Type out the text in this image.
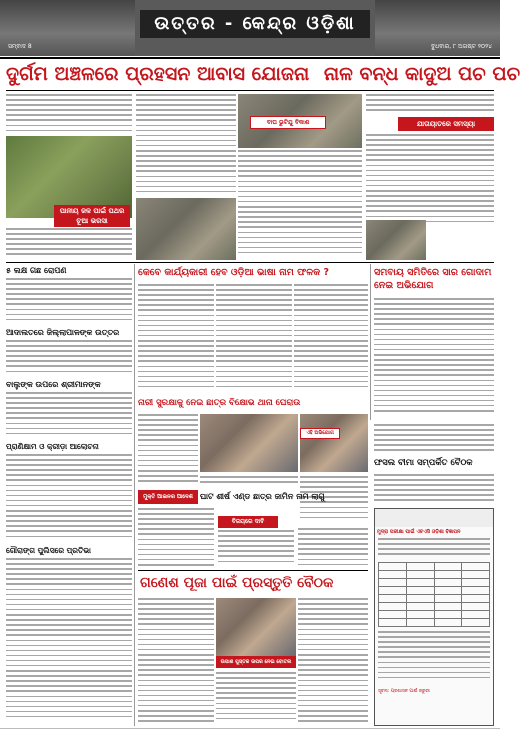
ଉତ୍ତର - କେନ୍ଦ୍ର ଓଡ଼ିଶା
ସମ୍ବାଦ 8	ବୁଧବାର, ୮ ଅଗଷ୍ଟ ୨୦୨୪
ଦୁର୍ଗମ ଅଞ୍ଚଳରେ ପ୍ରହସନ ଆବାସ ଯୋଜନା ନାଳ ବନ୍ଧ କାଦୁଅ ପଚ ପଚ
ପାନୀୟ ଜଳ ପାଇଁ ପଥର ଚୂଆ ଭରସା
ବାଘ ଭୁଟିଯୁ ବିକାଶ	ଯାତାୟାତରେ ସମସ୍ୟା
୫ ଲକ୍ଷ ଗଛ ରୋପଣ
ଆଦାଲତରେ ଜିଲ୍ଲାପାଳଙ୍କ ଉତ୍ତର
ବାଲୁଙ୍କ ଉପରେ ଶ୍ରୀମାନଙ୍କ
ପ୍ରାଣିକ୍ଷାମ ଓ କ୍ରୀଡ଼ା ଆଲୋଚନା
ଗୌରାଙ୍ଗ ପୁଲିସରେ ପ୍ରତିଭା
କେବେ କାର୍ଯ୍ୟକାରୀ ହେବ ଓଡ଼ିଆ ଭାଷା ନାମ ଫଳକ ?	ସମବାୟ ସମିତିରେ ସାର ଗୋଦାମ ନେଇ ଅଭିଯୋଗ
ନାରୀ ସୁରକ୍ଷାକୁ ନେଇ ଛାତ୍ର ବିକ୍ଷୋଭ ଥାନା ଘେରାଉ
ଏହି ଅଭିଯୋଗ
ଫସଲ ବୀମା ସମ୍ପର୍କିତ ବୈଠକ
ମୁକ୍ତି ଆଇନର ଆଦେଶ ଘାଟ ଶୀର୍ଷ ଏଣ୍ଡ ଛାତ୍ର ଜାମିନ ନାମ ଲାଗୁ
ବିଜୟରେ ଦାବି
ମୁଦ୍ରା ପରୀକ୍ଷା ପାଇଁ ଏଚଏସି ଓଡ଼ିଶା ବିଜ୍ଞାପନ

ସୂଚନା: ପ୍ରଶାସନ ପାଇଁ ଜରୁରୀ
ଗଣେଶ ପୂଜା ପାଇଁ ପ୍ରସ୍ତୁତି ବୈଠକ
ଉପାଶ ପୁସ୍ତକ ଉପର ନେଇ ବୋତଲ
